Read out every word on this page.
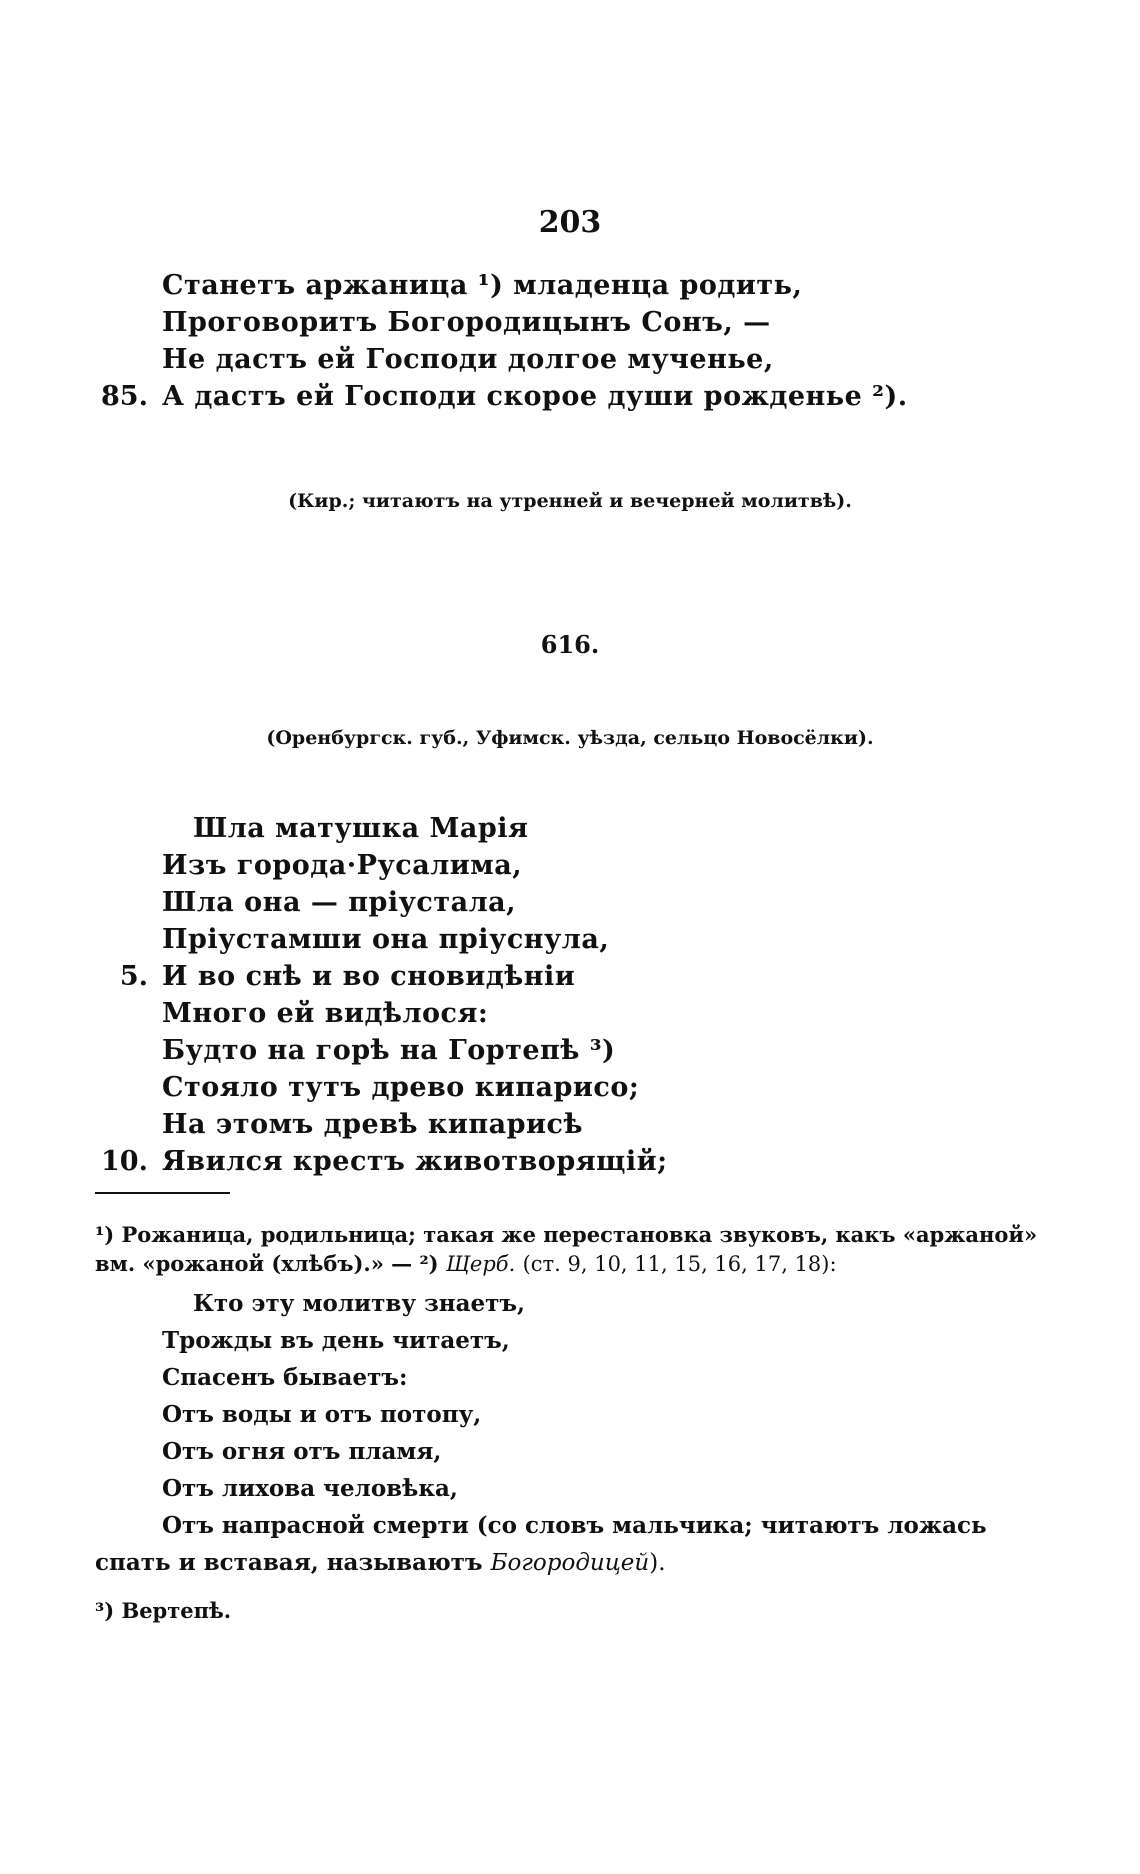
203
Станетъ аржаница ¹) младенца родить,
Проговоритъ Богородицынъ Сонъ, —
Не дастъ ей Господи долгое мученье,
85. А дастъ ей Господи скорое души рожденье ²).
(Кир.; читаютъ на утренней и вечерней молитвѣ).
616.
(Оренбургск. губ., Уфимск. уѣзда, сельцо Новосёлки).
Шла матушка Марія
Изъ города·Русалима,
Шла она — пріустала,
Пріустамши она пріуснула,
5. И во снѣ и во сновидѣніи
Много ей видѣлося:
Будто на горѣ на Гортепѣ ³)
Стояло тутъ древо кипарисо;
На этомъ древѣ кипарисѣ
10. Явился крестъ животворящій;
¹) Рожаница, родильница; такая же перестановка звуковъ, какъ «аржаной»
вм. «рожаной (хлѣбъ).» — ²) Щерб. (ст. 9, 10, 11, 15, 16, 17, 18):
Кто эту молитву знаетъ,
Трожды въ день читаетъ,
Спасенъ бываетъ:
Отъ воды и отъ потопу,
Отъ огня отъ пламя,
Отъ лихова человѣка,
Отъ напрасной смерти (со словъ мальчика; читаютъ ложась
спать и вставая, называютъ Богородицей).
³) Вертепѣ.
